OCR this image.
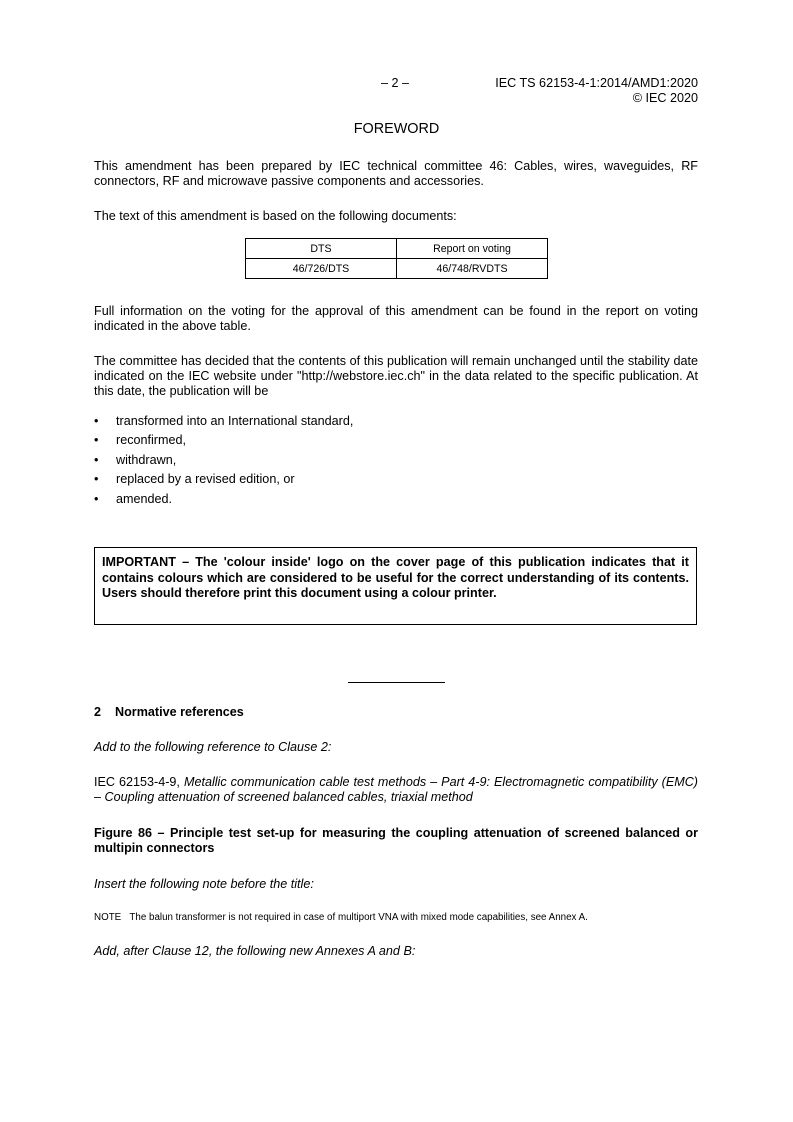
– 2 –	IEC TS 62153-4-1:2014/AMD1:2020
© IEC 2020
FOREWORD

This amendment has been prepared by IEC technical committee 46: Cables, wires, waveguides, RF connectors, RF and microwave passive components and accessories.

The text of this amendment is based on the following documents:

DTS	Report on voting
46/726/DTS	46/748/RVDTS

Full information on the voting for the approval of this amendment can be found in the report on voting indicated in the above table.

The committee has decided that the contents of this publication will remain unchanged until the stability date indicated on the IEC website under "http://webstore.iec.ch" in the data related to the specific publication. At this date, the publication will be

• transformed into an International standard,
• reconfirmed,
• withdrawn,
• replaced by a revised edition, or
• amended.
IMPORTANT – The 'colour inside' logo on the cover page of this publication indicates that it contains colours which are considered to be useful for the correct understanding of its contents. Users should therefore print this document using a colour printer.
2 Normative references

Add to the following reference to Clause 2:

IEC 62153-4-9, Metallic communication cable test methods – Part 4-9: Electromagnetic compatibility (EMC) – Coupling attenuation of screened balanced cables, triaxial method

Figure 86 – Principle test set-up for measuring the coupling attenuation of screened balanced or multipin connectors

Insert the following note before the title:

NOTE The balun transformer is not required in case of multiport VNA with mixed mode capabilities, see Annex A.

Add, after Clause 12, the following new Annexes A and B:
